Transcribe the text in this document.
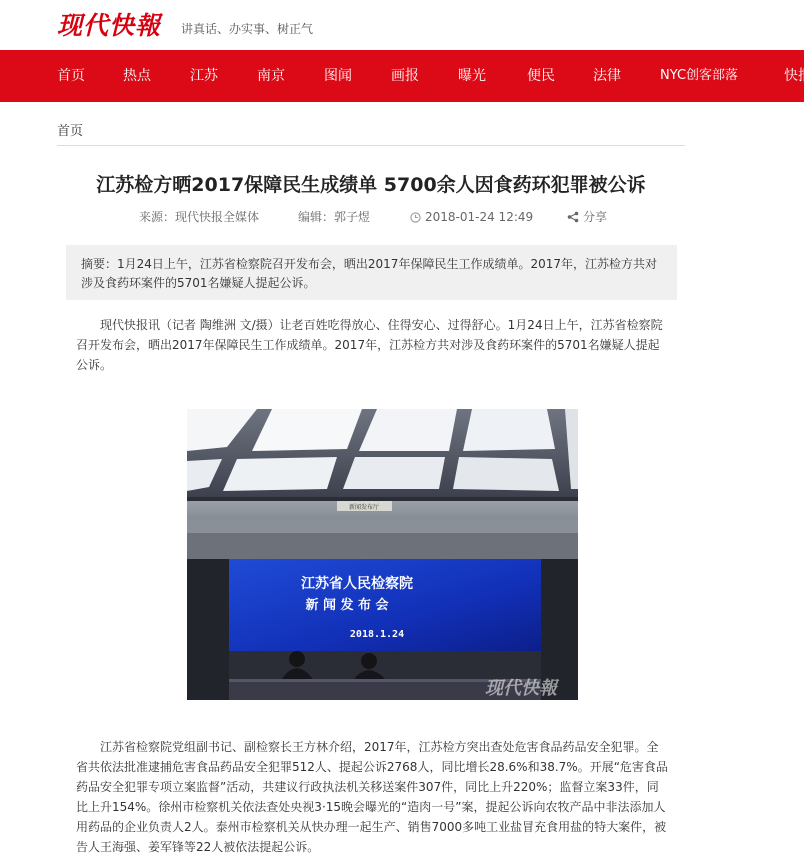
现代快報 讲真话、办实事、树正气
首页	热点	江苏	南京	图闻	画报	曝光	便民	法律	NYC创客部落	快报
首页
江苏检方晒2017保障民生成绩单 5700余人因食药环犯罪被公诉
来源：现代快报全媒体	编辑：郭子煜	2018-01-24 12:49	分享
摘要：1月24日上午，江苏省检察院召开发布会，晒出2017年保障民生工作成绩单。2017年，江苏检方共对涉及食药环案件的5701名嫌疑人提起公诉。
现代快报讯（记者 陶维洲 文/摄）让老百姓吃得放心、住得安心、过得舒心。1月24日上午，江苏省检察院召开发布会，晒出2017年保障民生工作成绩单。2017年，江苏检方共对涉及食药环案件的5701名嫌疑人提起公诉。
新闻发布厅
江苏省人民检察院
新 闻 发 布 会
2018.1.24
现代快報
江苏省检察院党组副书记、副检察长王方林介绍，2017年，江苏检方突出查处危害食品药品安全犯罪。全省共依法批准逮捕危害食品药品安全犯罪512人、提起公诉2768人，同比增长28.6%和38.7%。开展“危害食品药品安全犯罪专项立案监督”活动，共建议行政执法机关移送案件307件，同比上升220%；监督立案33件，同比上升154%。徐州市检察机关依法查处央视3·15晚会曝光的“造肉一号”案，提起公诉向农牧产品中非法添加人用药品的企业负责人2人。泰州市检察机关从快办理一起生产、销售7000多吨工业盐冒充食用盐的特大案件，被告人王海强、姜军锋等22人被依法提起公诉。
